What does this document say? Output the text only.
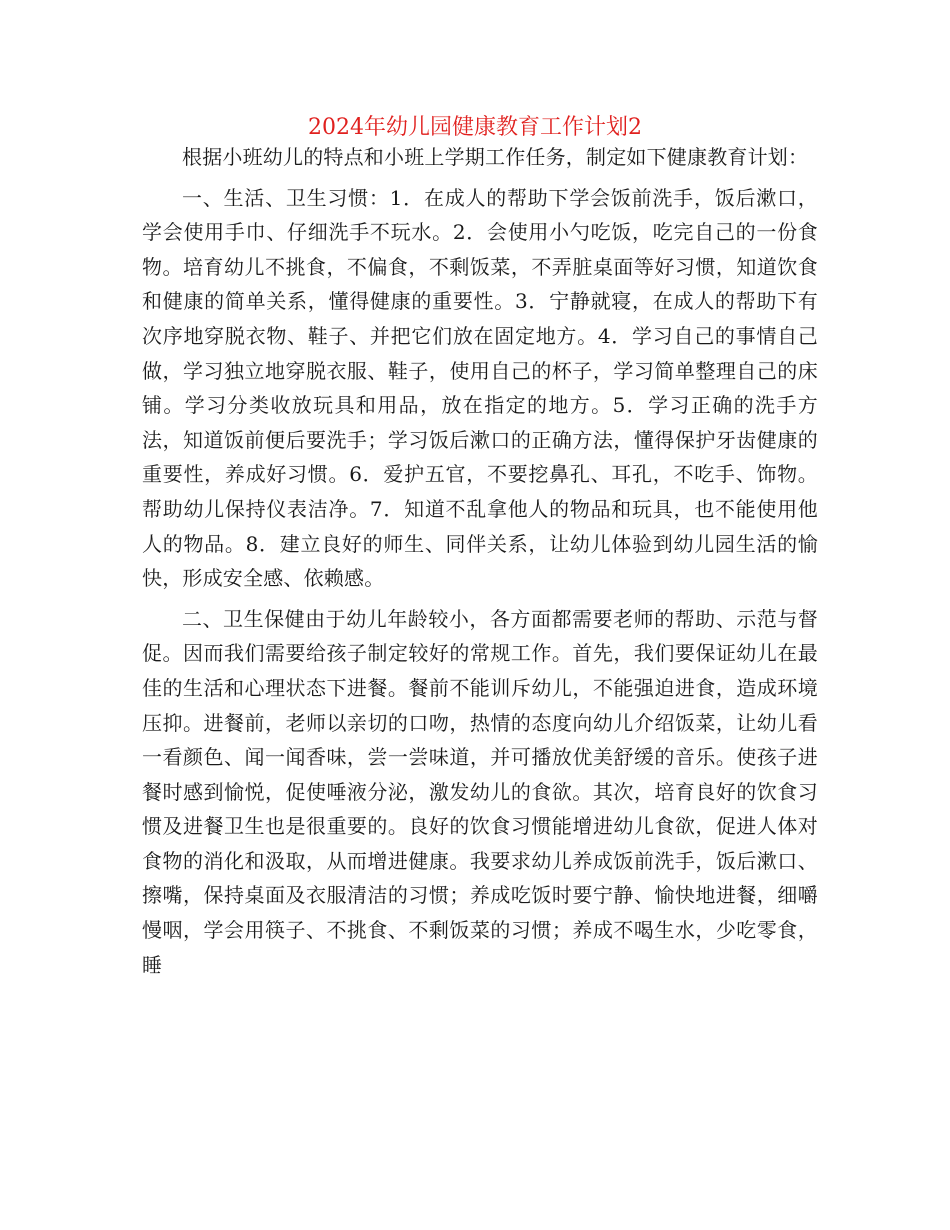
2024年幼儿园健康教育工作计划2

根据小班幼儿的特点和小班上学期工作任务，制定如下健康教育计划：

一、生活、卫生习惯：1．在成人的帮助下学会饭前洗手，饭后漱口，学会使用手巾、仔细洗手不玩水。2．会使用小勺吃饭，吃完自己的一份食物。培育幼儿不挑食，不偏食，不剩饭菜，不弄脏桌面等好习惯，知道饮食和健康的简单关系，懂得健康的重要性。3．宁静就寝，在成人的帮助下有次序地穿脱衣物、鞋子、并把它们放在固定地方。4．学习自己的事情自己做，学习独立地穿脱衣服、鞋子，使用自己的杯子，学习简单整理自己的床铺。学习分类收放玩具和用品，放在指定的地方。5．学习正确的洗手方法，知道饭前便后要洗手；学习饭后漱口的正确方法，懂得保护牙齿健康的重要性，养成好习惯。6．爱护五官，不要挖鼻孔、耳孔，不吃手、饰物。帮助幼儿保持仪表洁净。7．知道不乱拿他人的物品和玩具，也不能使用他人的物品。8．建立良好的师生、同伴关系，让幼儿体验到幼儿园生活的愉快，形成安全感、依赖感。

二、卫生保健由于幼儿年龄较小，各方面都需要老师的帮助、示范与督促。因而我们需要给孩子制定较好的常规工作。首先，我们要保证幼儿在最佳的生活和心理状态下进餐。餐前不能训斥幼儿，不能强迫进食，造成环境压抑。进餐前，老师以亲切的口吻，热情的态度向幼儿介绍饭菜，让幼儿看一看颜色、闻一闻香味，尝一尝味道，并可播放优美舒缓的音乐。使孩子进餐时感到愉悦，促使唾液分泌，激发幼儿的食欲。其次，培育良好的饮食习惯及进餐卫生也是很重要的。良好的饮食习惯能增进幼儿食欲，促进人体对食物的消化和汲取，从而增进健康。我要求幼儿养成饭前洗手，饭后漱口、擦嘴，保持桌面及衣服清洁的习惯；养成吃饭时要宁静、愉快地进餐，细嚼慢咽，学会用筷子、不挑食、不剩饭菜的习惯；养成不喝生水，少吃零食，睡
